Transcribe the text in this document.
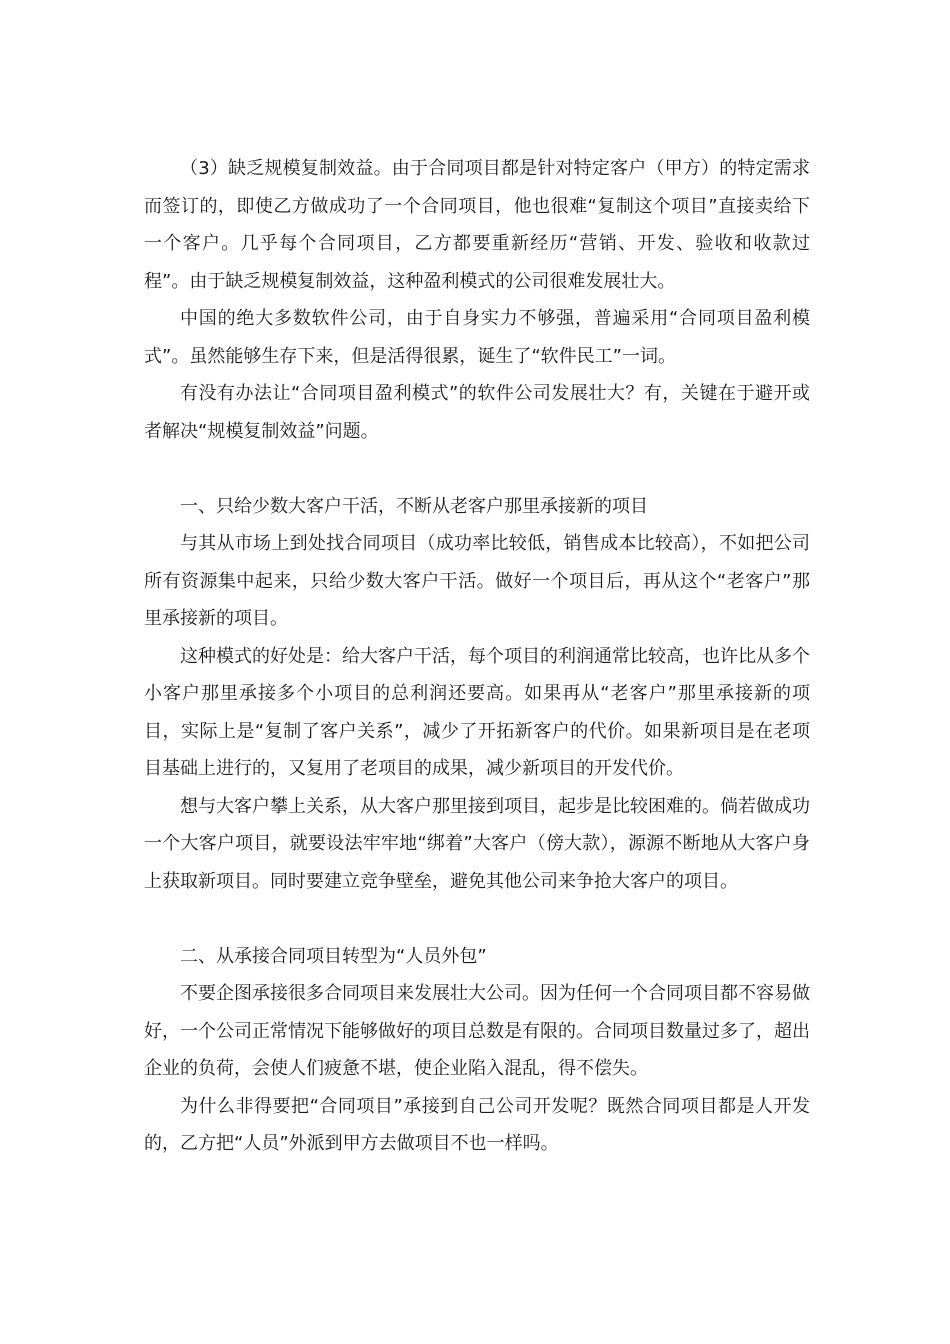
（3）缺乏规模复制效益。由于合同项目都是针对特定客户（甲方）的特定需求而签订的，即使乙方做成功了一个合同项目，他也很难“复制这个项目”直接卖给下一个客户。几乎每个合同项目，乙方都要重新经历“营销、开发、验收和收款过程”。由于缺乏规模复制效益，这种盈利模式的公司很难发展壮大。

中国的绝大多数软件公司，由于自身实力不够强，普遍采用“合同项目盈利模式”。虽然能够生存下来，但是活得很累，诞生了“软件民工”一词。

有没有办法让“合同项目盈利模式”的软件公司发展壮大？有，关键在于避开或者解决“规模复制效益”问题。

一、只给少数大客户干活，不断从老客户那里承接新的项目

与其从市场上到处找合同项目（成功率比较低，销售成本比较高），不如把公司所有资源集中起来，只给少数大客户干活。做好一个项目后，再从这个“老客户”那里承接新的项目。

这种模式的好处是：给大客户干活，每个项目的利润通常比较高，也许比从多个小客户那里承接多个小项目的总利润还要高。如果再从“老客户”那里承接新的项目，实际上是“复制了客户关系”，减少了开拓新客户的代价。如果新项目是在老项目基础上进行的，又复用了老项目的成果，减少新项目的开发代价。

想与大客户攀上关系，从大客户那里接到项目，起步是比较困难的。倘若做成功一个大客户项目，就要设法牢牢地“绑着”大客户（傍大款），源源不断地从大客户身上获取新项目。同时要建立竞争壁垒，避免其他公司来争抢大客户的项目。

二、从承接合同项目转型为“人员外包”

不要企图承接很多合同项目来发展壮大公司。因为任何一个合同项目都不容易做好，一个公司正常情况下能够做好的项目总数是有限的。合同项目数量过多了，超出企业的负荷，会使人们疲惫不堪，使企业陷入混乱，得不偿失。

为什么非得要把“合同项目”承接到自己公司开发呢？既然合同项目都是人开发的，乙方把“人员”外派到甲方去做项目不也一样吗。
